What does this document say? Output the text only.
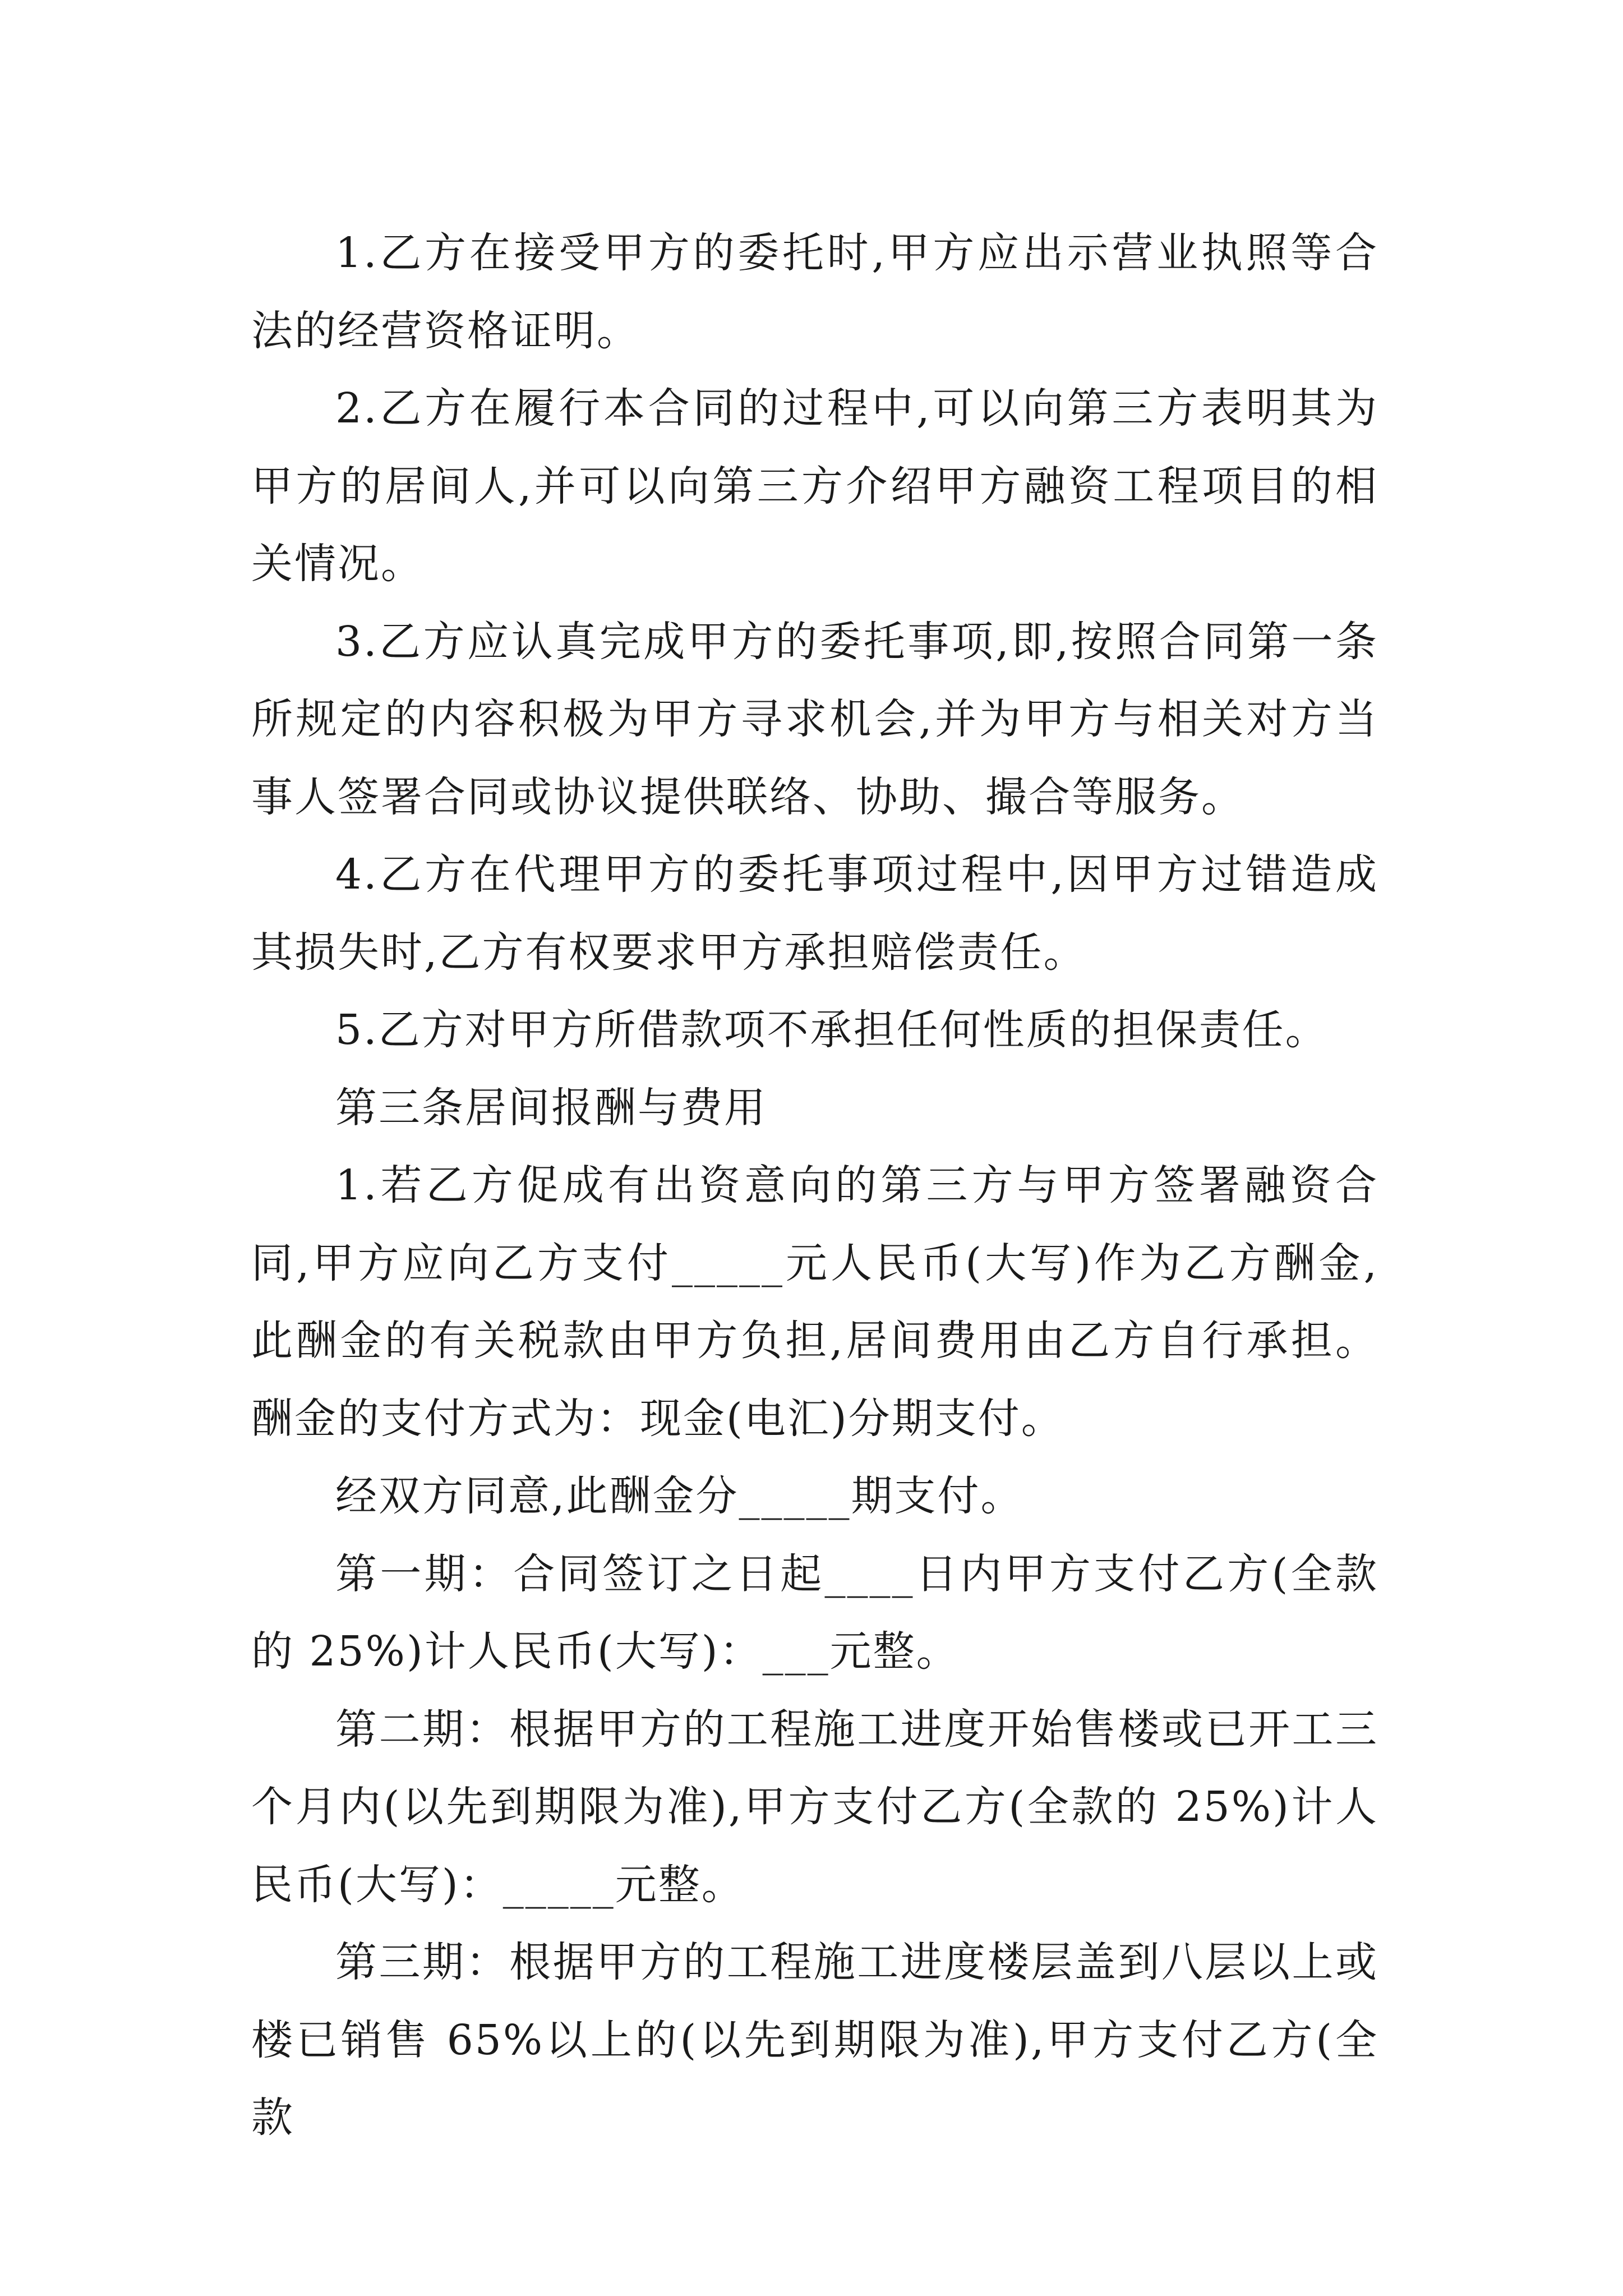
1.乙方在接受甲方的委托时,甲方应出示营业执照等合法的经营资格证明。

2.乙方在履行本合同的过程中,可以向第三方表明其为甲方的居间人,并可以向第三方介绍甲方融资工程项目的相关情况。

3.乙方应认真完成甲方的委托事项,即,按照合同第一条所规定的内容积极为甲方寻求机会,并为甲方与相关对方当事人签署合同或协议提供联络、协助、撮合等服务。

4.乙方在代理甲方的委托事项过程中,因甲方过错造成其损失时,乙方有权要求甲方承担赔偿责任。

5.乙方对甲方所借款项不承担任何性质的担保责任。

第三条居间报酬与费用

1.若乙方促成有出资意向的第三方与甲方签署融资合同,甲方应向乙方支付_____元人民币(大写)作为乙方酬金,此酬金的有关税款由甲方负担,居间费用由乙方自行承担。酬金的支付方式为：现金(电汇)分期支付。

经双方同意,此酬金分_____期支付。

第一期：合同签订之日起____日内甲方支付乙方(全款的 25%)计人民币(大写)：___元整。

第二期：根据甲方的工程施工进度开始售楼或已开工三个月内(以先到期限为准),甲方支付乙方(全款的 25%)计人民币(大写)：_____元整。

第三期：根据甲方的工程施工进度楼层盖到八层以上或楼已销售 65%以上的(以先到期限为准),甲方支付乙方(全款
